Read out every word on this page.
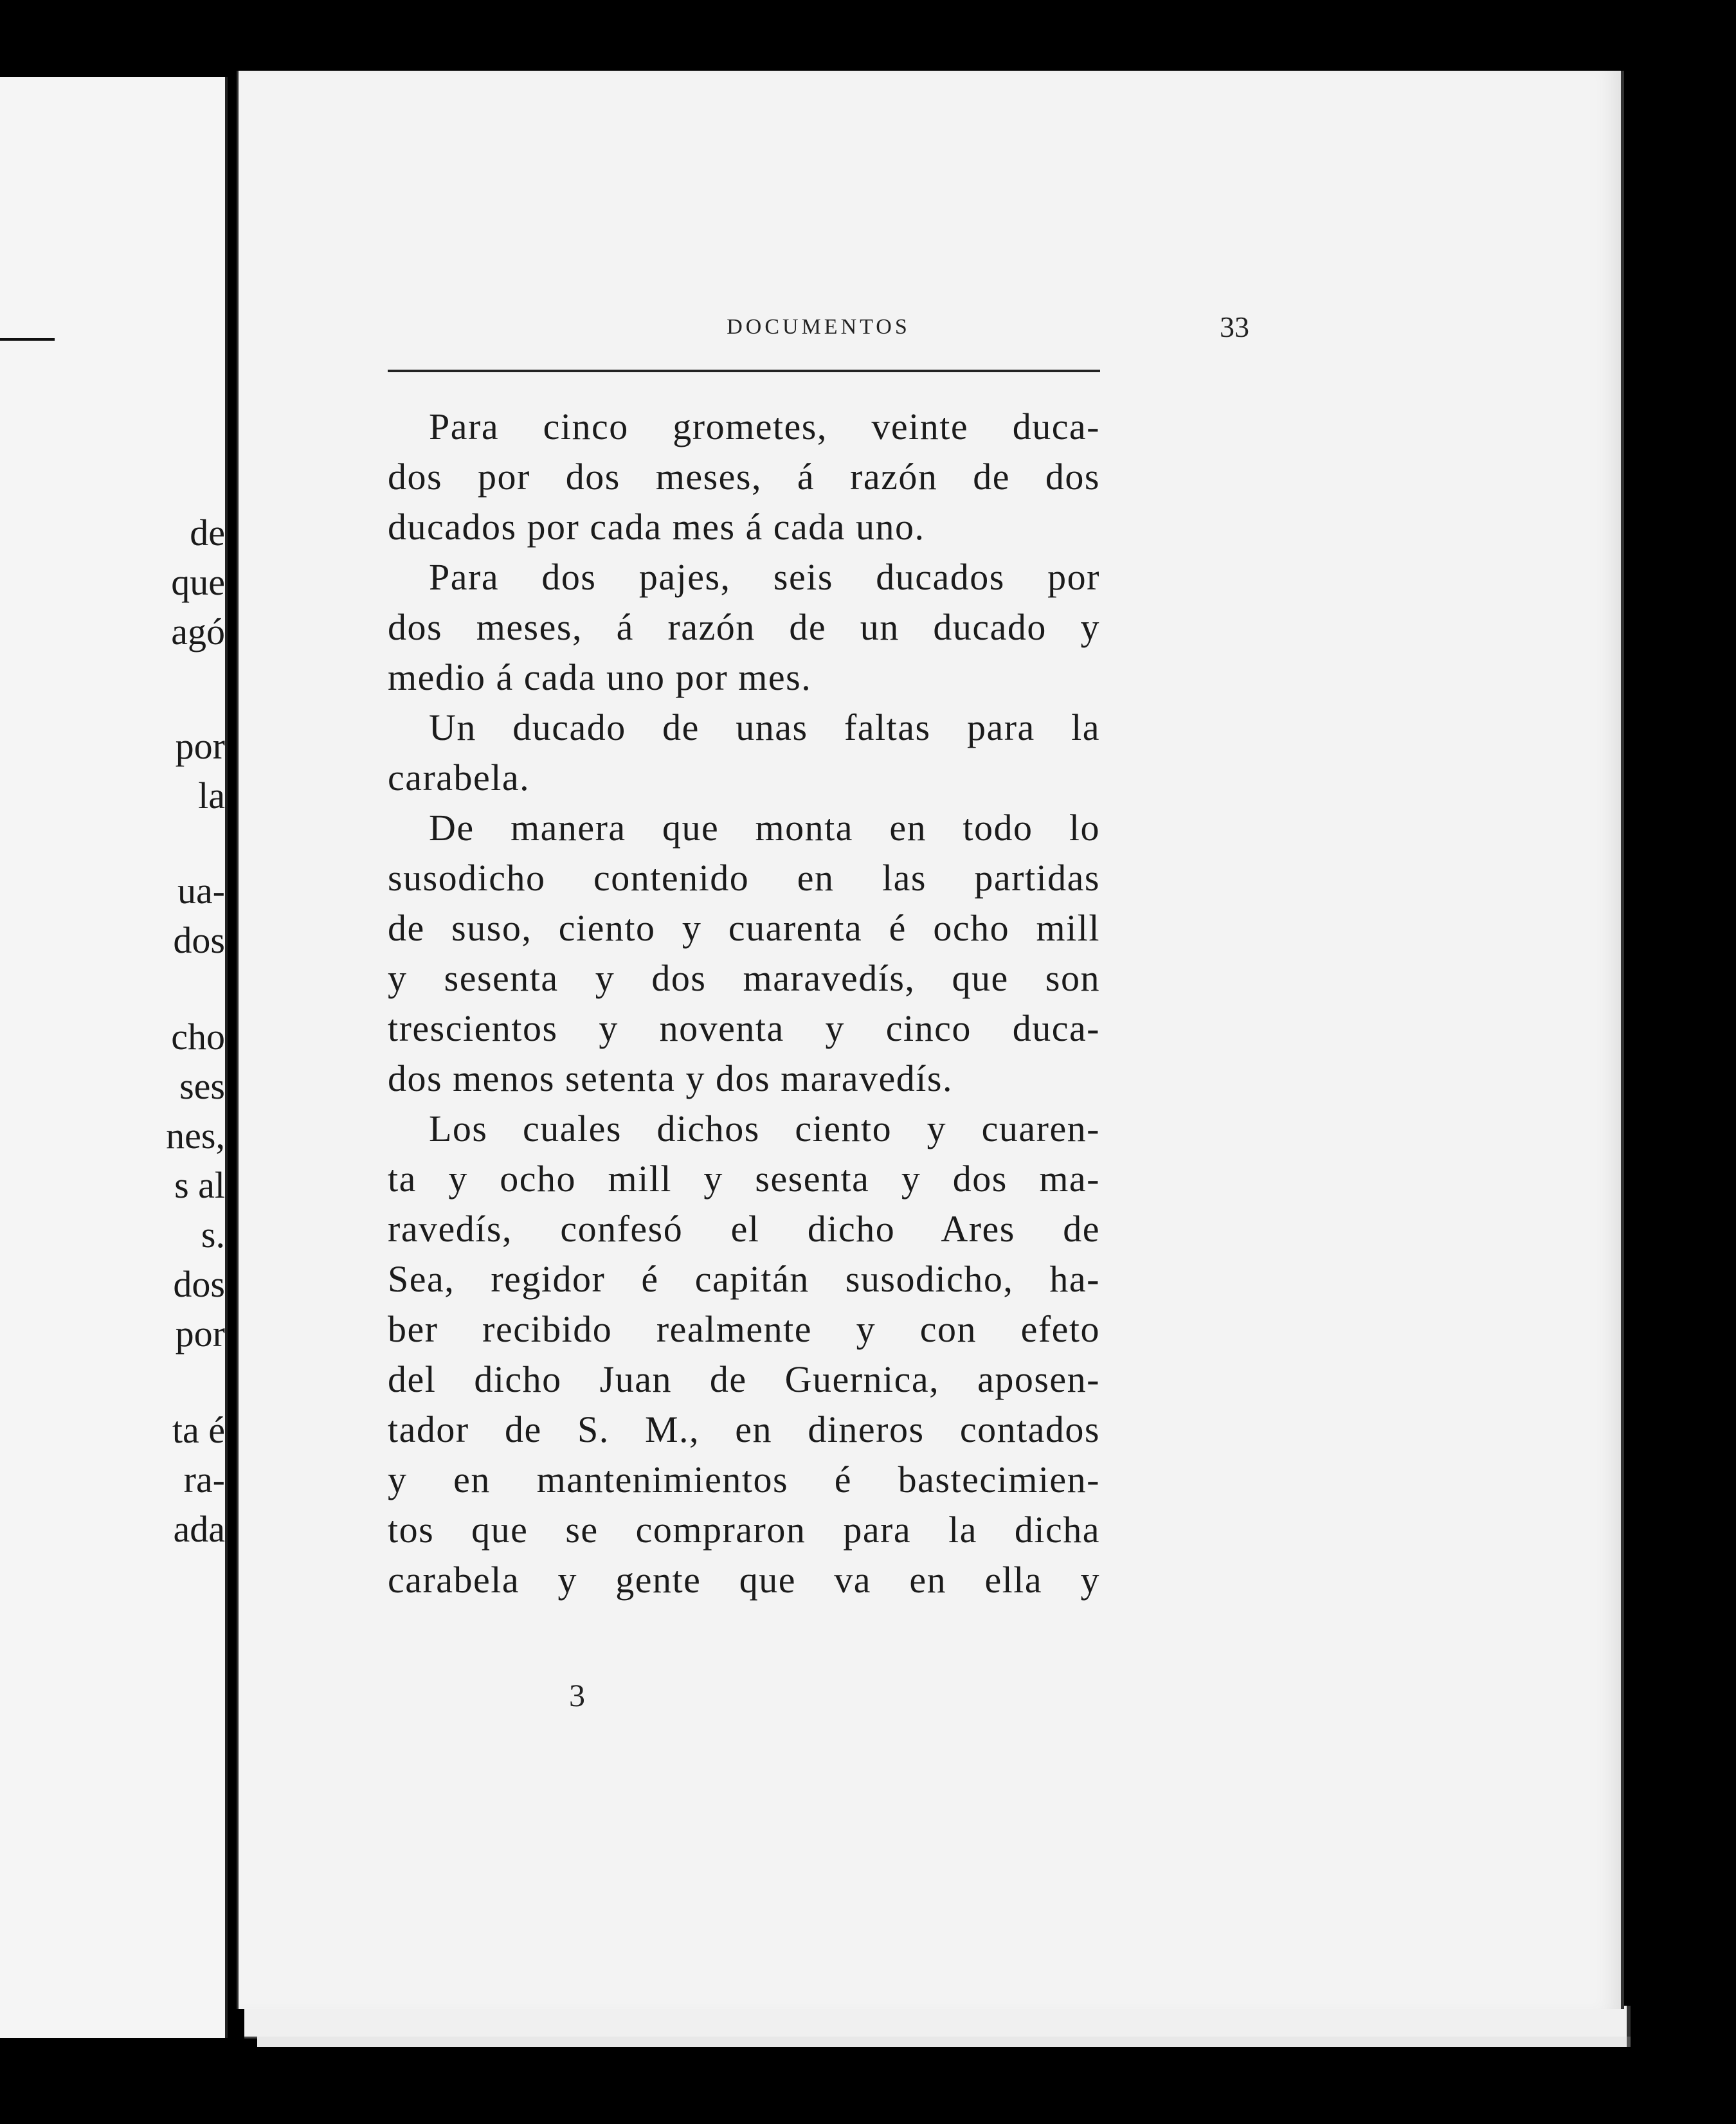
de
que
agó
por
la
ua-
dos
cho
ses
nes,
s al
s.
dos
por
ta é
ra-
ada
DOCUMENTOS	33
Para cinco grometes, veinte duca-
dos por dos meses, á razón de dos
ducados por cada mes á cada uno.
Para dos pajes, seis ducados por
dos meses, á razón de un ducado y
medio á cada uno por mes.
Un ducado de unas faltas para la
carabela.
De manera que monta en todo lo
susodicho contenido en las partidas
de suso, ciento y cuarenta é ocho mill
y sesenta y dos maravedís, que son
trescientos y noventa y cinco duca-
dos menos setenta y dos maravedís.
Los cuales dichos ciento y cuaren-
ta y ocho mill y sesenta y dos ma-
ravedís, confesó el dicho Ares de
Sea, regidor é capitán susodicho, ha-
ber recibido realmente y con efeto
del dicho Juan de Guernica, aposen-
tador de S. M., en dineros contados
y en mantenimientos é bastecimien-
tos que se compraron para la dicha
carabela y gente que va en ella y
3
